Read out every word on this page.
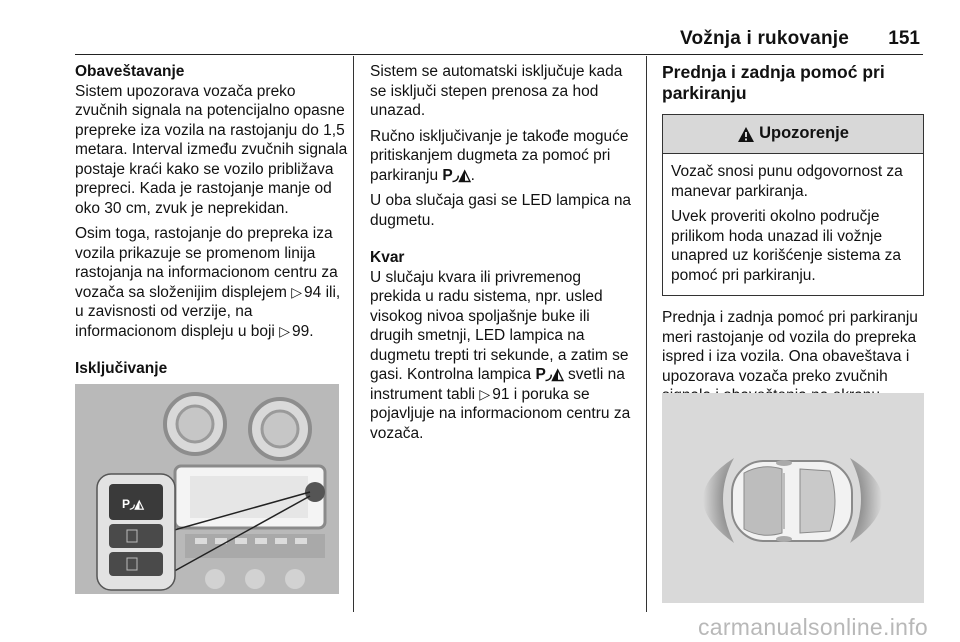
Vožnja i rukovanje	151
Obaveštavanje

Sistem upozorava vozača preko zvučnih signala na potencijalno opasne prepreke iza vozila na rastojanju do 1,5 metara. Interval između zvučnih signala postaje kraći kako se vozilo približava prepreci. Kada je rastojanje manje od oko 30 cm, zvuk je neprekidan.

Osim toga, rastojanje do prepreka iza vozila prikazuje se promenom linija rastojanja na informacionom centru za vozača sa složenijim displejem ▷ 94 ili, u zavisnosti od verzije, na informacionom displeju u boji ▷ 99.

Isključivanje
P◞◭

Sistem se automatski isključuje kada se isključi stepen prenosa za hod unazad.

Ručno isključivanje je takođe moguće pritiskanjem dugmeta za pomoć pri parkiranju P◞◭.

U oba slučaja gasi se LED lampica na dugmetu.

Kvar

U slučaju kvara ili privremenog prekida u radu sistema, npr. usled visokog nivoa spoljašnje buke ili drugih smetnji, LED lampica na dugmetu trepti tri sekunde, a zatim se gasi. Kontrolna lampica P◞◭ svetli na instrument tabli ▷ 91 i poruka se pojavljuje na informacionom centru za vozača.

Prednja i zadnja pomoć pri parkiranju
Upozorenje

Vozač snosi punu odgovornost za manevar parkiranja.

Uvek proveriti okolno područje prilikom hoda unazad ili vožnje unapred uz korišćenje sistema za pomoć pri parkiranju.

Prednja i zadnja pomoć pri parkiranju meri rastojanje od vozila do prepreka ispred i iza vozila. Ona obaveštava i upozorava vozača preko zvučnih

carmanualsonline.info
